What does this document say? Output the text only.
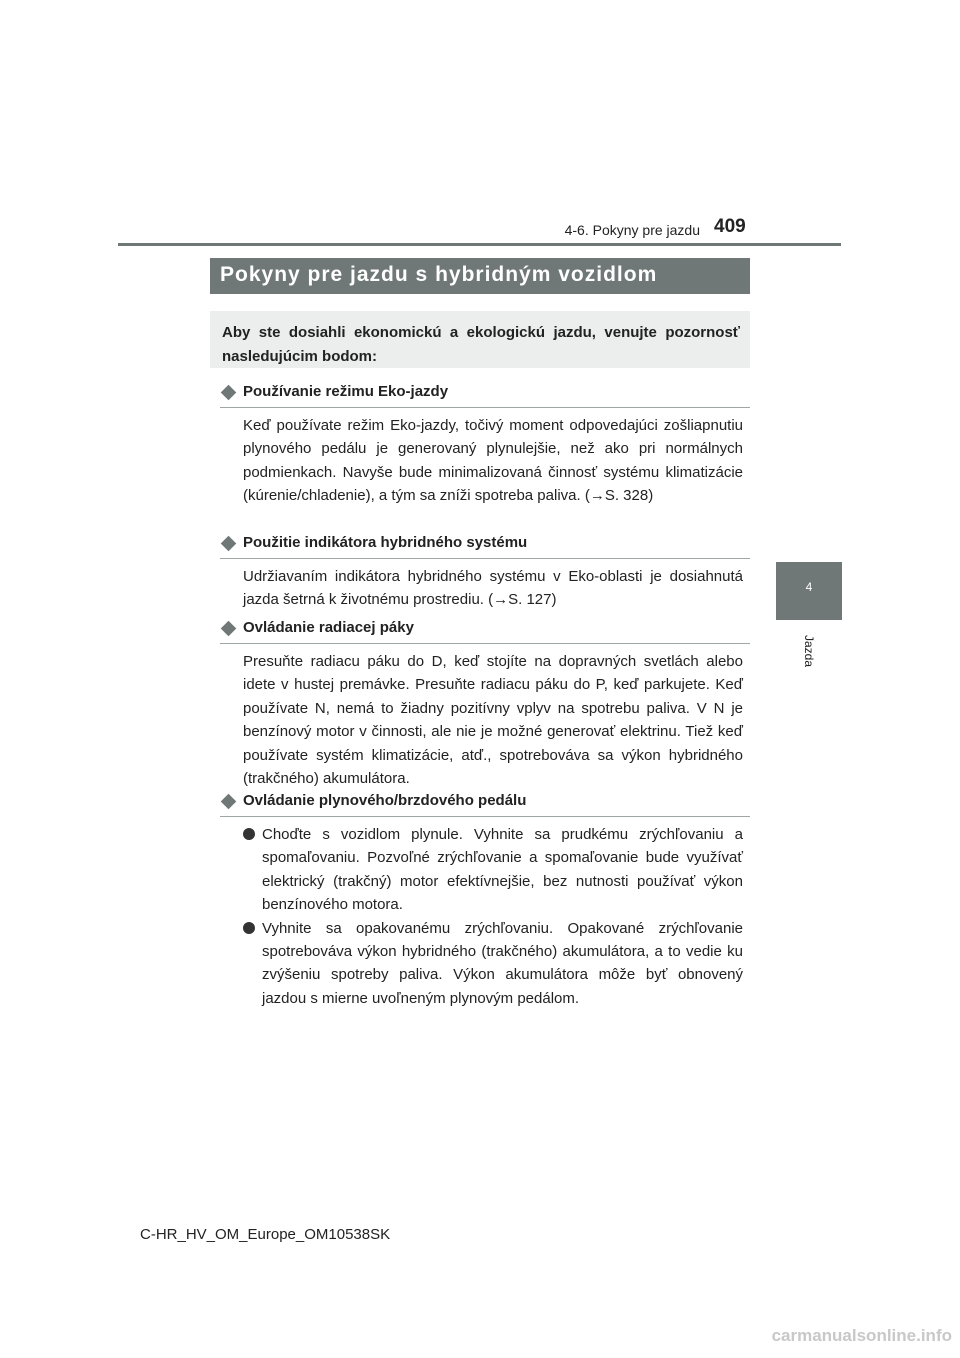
4-6. Pokyny pre jazdu 409
Pokyny pre jazdu s hybridným vozidlom
Aby ste dosiahli ekonomickú a ekologickú jazdu, venujte pozornosť nasledujúcim bodom:
4
Jazda
Používanie režimu Eko-jazdy
Keď používate režim Eko-jazdy, točivý moment odpovedajúci zošliapnutiu plynového pedálu je generovaný plynulejšie, než ako pri normálnych podmienkach. Navyše bude minimalizovaná činnosť systému klimatizácie (kúrenie/chladenie), a tým sa zníži spotreba paliva. (→S. 328)
Použitie indikátora hybridného systému
Udržiavaním indikátora hybridného systému v Eko-oblasti je dosiahnutá jazda šetrná k životnému prostrediu. (→S. 127)
Ovládanie radiacej páky
Presuňte radiacu páku do D, keď stojíte na dopravných svetlách alebo idete v hustej premávke. Presuňte radiacu páku do P, keď parkujete. Keď používate N, nemá to žiadny pozitívny vplyv na spotrebu paliva. V N je benzínový motor v činnosti, ale nie je možné generovať elektrinu. Tiež keď používate systém klimatizácie, atď., spotrebováva sa výkon hybridného (trakčného) akumulátora.
Ovládanie plynového/brzdového pedálu
Choďte s vozidlom plynule. Vyhnite sa prudkému zrýchľovaniu a spomaľovaniu. Pozvoľné zrýchľovanie a spomaľovanie bude využívať elektrický (trakčný) motor efektívnejšie, bez nutnosti používať výkon benzínového motora.
Vyhnite sa opakovanému zrýchľovaniu. Opakované zrýchľovanie spotrebováva výkon hybridného (trakčného) akumulátora, a to vedie ku zvýšeniu spotreby paliva. Výkon akumulátora môže byť obnovený jazdou s mierne uvoľneným plynovým pedálom.
C-HR_HV_OM_Europe_OM10538SK
carmanualsonline.info
